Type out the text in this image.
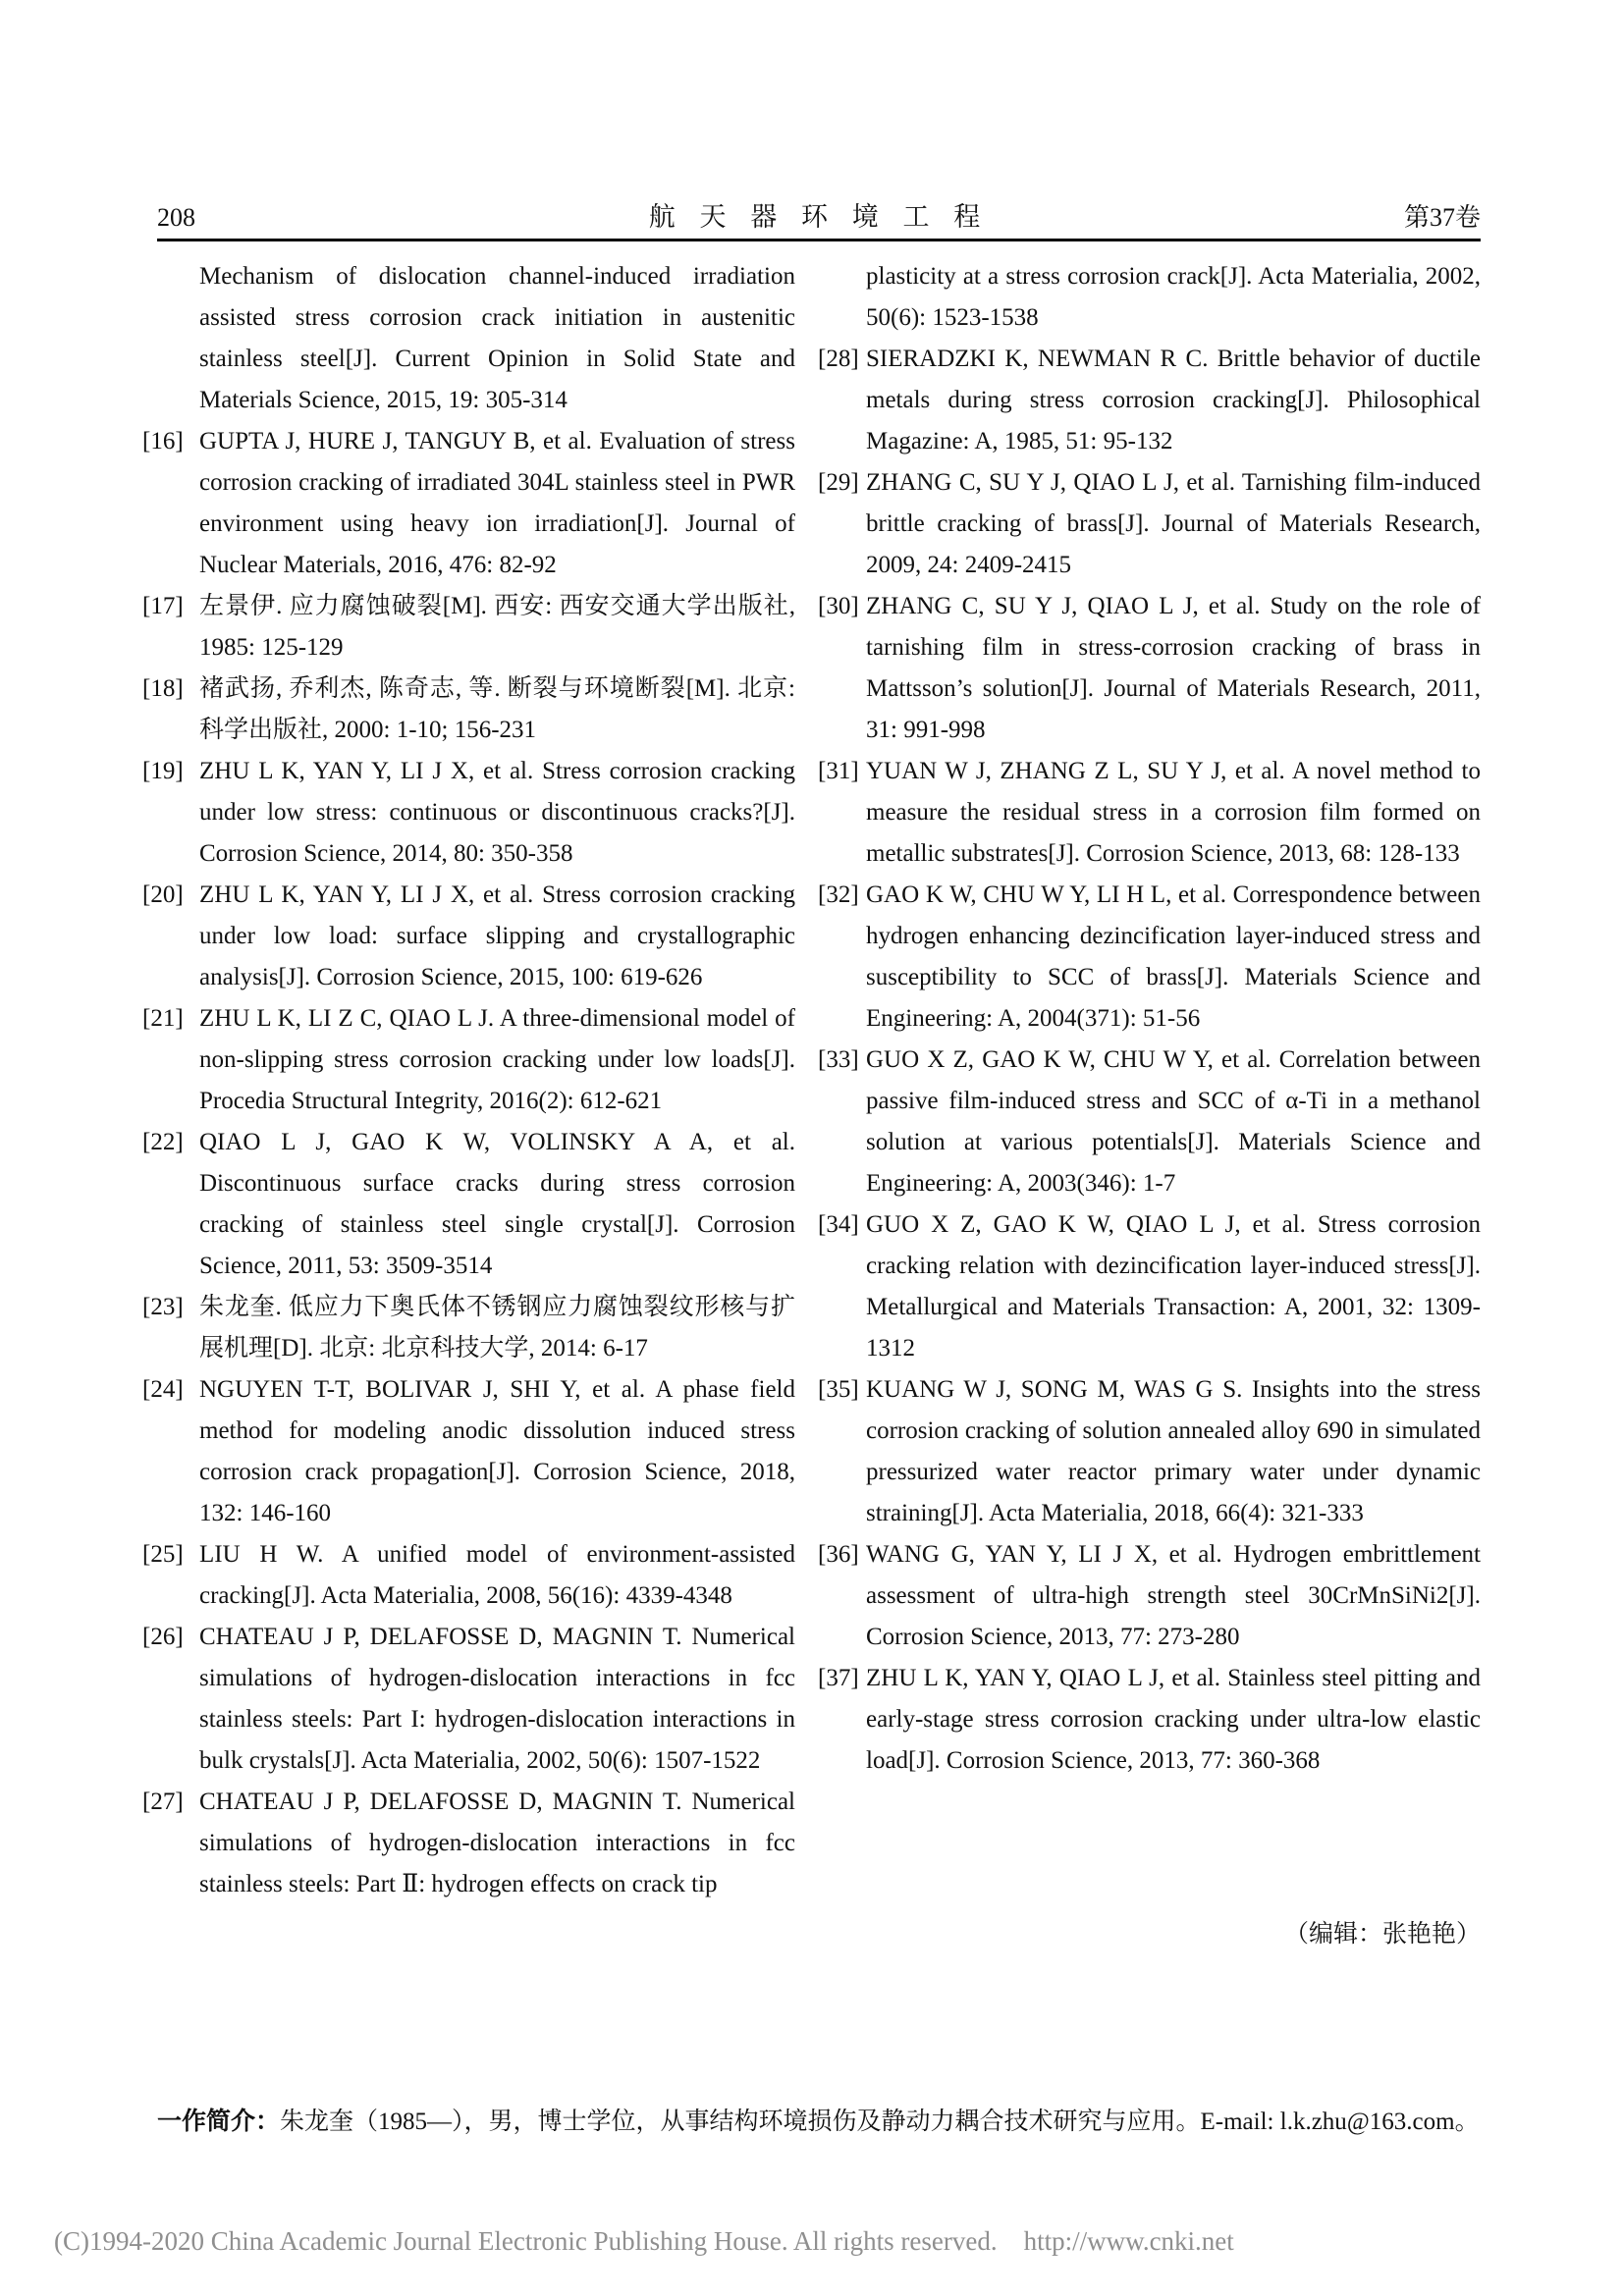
208	航 天 器 环 境 工 程	第37卷

Mechanism of dislocation channel-induced irradiation assisted stress corrosion crack initiation in austenitic stainless steel[J]. Current Opinion in Solid State and Materials Science, 2015, 19: 305-314

[16] GUPTA J, HURE J, TANGUY B, et al. Evaluation of stress corrosion cracking of irradiated 304L stainless steel in PWR environment using heavy ion irradiation[J]. Journal of Nuclear Materials, 2016, 476: 82-92

[17] 左景伊. 应力腐蚀破裂[M]. 西安: 西安交通大学出版社, 1985: 125-129

[18] 褚武扬, 乔利杰, 陈奇志, 等. 断裂与环境断裂[M]. 北京: 科学出版社, 2000: 1-10; 156-231

[19] ZHU L K, YAN Y, LI J X, et al. Stress corrosion cracking under low stress: continuous or discontinuous cracks?[J]. Corrosion Science, 2014, 80: 350-358

[20] ZHU L K, YAN Y, LI J X, et al. Stress corrosion cracking under low load: surface slipping and crystallographic analysis[J]. Corrosion Science, 2015, 100: 619-626

[21] ZHU L K, LI Z C, QIAO L J. A three-dimensional model of non-slipping stress corrosion cracking under low loads[J]. Procedia Structural Integrity, 2016(2): 612-621

[22] QIAO L J, GAO K W, VOLINSKY A A, et al. Discontinuous surface cracks during stress corrosion cracking of stainless steel single crystal[J]. Corrosion Science, 2011, 53: 3509-3514

[23] 朱龙奎. 低应力下奥氏体不锈钢应力腐蚀裂纹形核与扩展机理[D]. 北京: 北京科技大学, 2014: 6-17

[24] NGUYEN T-T, BOLIVAR J, SHI Y, et al. A phase field method for modeling anodic dissolution induced stress corrosion crack propagation[J]. Corrosion Science, 2018, 132: 146-160

[25] LIU H W. A unified model of environment-assisted cracking[J]. Acta Materialia, 2008, 56(16): 4339-4348

[26] CHATEAU J P, DELAFOSSE D, MAGNIN T. Numerical simulations of hydrogen-dislocation interactions in fcc stainless steels: Part I: hydrogen-dislocation interactions in bulk crystals[J]. Acta Materialia, 2002, 50(6): 1507-1522

[27] CHATEAU J P, DELAFOSSE D, MAGNIN T. Numerical simulations of hydrogen-dislocation interactions in fcc stainless steels: Part Ⅱ: hydrogen effects on crack tip

plasticity at a stress corrosion crack[J]. Acta Materialia, 2002, 50(6): 1523-1538

[28] SIERADZKI K, NEWMAN R C. Brittle behavior of ductile metals during stress corrosion cracking[J]. Philosophical Magazine: A, 1985, 51: 95-132

[29] ZHANG C, SU Y J, QIAO L J, et al. Tarnishing film-induced brittle cracking of brass[J]. Journal of Materials Research, 2009, 24: 2409-2415

[30] ZHANG C, SU Y J, QIAO L J, et al. Study on the role of tarnishing film in stress-corrosion cracking of brass in Mattsson’s solution[J]. Journal of Materials Research, 2011, 31: 991-998

[31] YUAN W J, ZHANG Z L, SU Y J, et al. A novel method to measure the residual stress in a corrosion film formed on metallic substrates[J]. Corrosion Science, 2013, 68: 128-133

[32] GAO K W, CHU W Y, LI H L, et al. Correspondence between hydrogen enhancing dezincification layer-induced stress and susceptibility to SCC of brass[J]. Materials Science and Engineering: A, 2004(371): 51-56

[33] GUO X Z, GAO K W, CHU W Y, et al. Correlation between passive film-induced stress and SCC of α-Ti in a methanol solution at various potentials[J]. Materials Science and Engineering: A, 2003(346): 1-7

[34] GUO X Z, GAO K W, QIAO L J, et al. Stress corrosion cracking relation with dezincification layer-induced stress[J]. Metallurgical and Materials Transaction: A, 2001, 32: 1309-1312

[35] KUANG W J, SONG M, WAS G S. Insights into the stress corrosion cracking of solution annealed alloy 690 in simulated pressurized water reactor primary water under dynamic straining[J]. Acta Materialia, 2018, 66(4): 321-333

[36] WANG G, YAN Y, LI J X, et al. Hydrogen embrittlement assessment of ultra-high strength steel 30CrMnSiNi2[J]. Corrosion Science, 2013, 77: 273-280

[37] ZHU L K, YAN Y, QIAO L J, et al. Stainless steel pitting and early-stage stress corrosion cracking under ultra-low elastic load[J]. Corrosion Science, 2013, 77: 360-368

（编辑：张艳艳）
一作简介：朱龙奎（1985—），男，博士学位，从事结构环境损伤及静动力耦合技术研究与应用。E-mail: l.k.zhu@163.com。
(C)1994-2020 China Academic Journal Electronic Publishing House. All rights reserved.    http://www.cnki.net
